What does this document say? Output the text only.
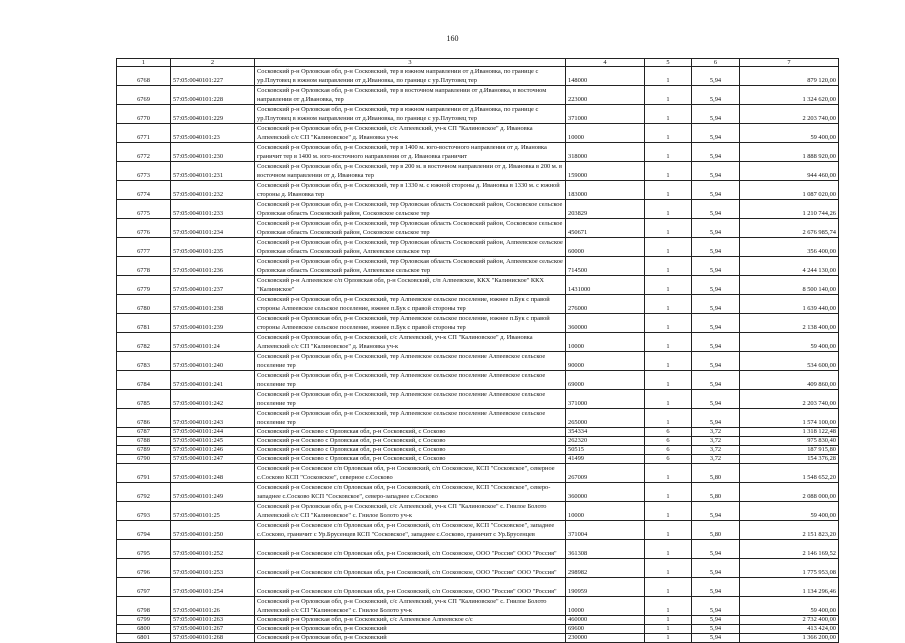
160
1	2	3	4	5	6	7
6768	57:05:0040101:227	Сосковский р-н Орловская обл, р-н Сосковский, тер в южном направлении от д.Ивановка, по границе с ур.Плутовец в южном направлении от д.Ивановка, по границе с ур.Плутовец тер	148000	1	5,94	879 120,00
6769	57:05:0040101:228	Сосковский р-н Орловская обл, р-н Сосковский, тер в восточном направлении от д.Ивановка, в восточном направлении от д.Ивановка, тер	223000	1	5,94	1 324 620,00
6770	57:05:0040101:229	Сосковский р-н Орловская обл, р-н Сосковский, тер в южном направлении от д.Ивановка, по границе с ур.Плутовец в южном направлении от д.Ивановка, по границе с ур.Плутовец тер	371000	1	5,94	2 203 740,00
6771	57:05:0040101:23	Сосковский р-н Орловская обл, р-н Сосковский, с/с Алпеевский, уч-к СП "Калиновское" д. Ивановка Алпеевский с/с СП "Калиновское" д. Ивановка уч-к	10000	1	5,94	59 400,00
6772	57:05:0040101:230	Сосковский р-н Орловская обл, р-н Сосковский, тер в 1400 м. юго-восточного направления от д. Ивановка граничит тер в 1400 м. юго-восточного направления от д. Ивановка граничит	318000	1	5,94	1 888 920,00
6773	57:05:0040101:231	Сосковский р-н Орловская обл, р-н Сосковский, тер в 200 м. в восточном направлении от д. Ивановка в 200 м. в восточном направлении от д. Ивановка тер	159000	1	5,94	944 460,00
6774	57:05:0040101:232	Сосковский р-н Орловская обл, р-н Сосковский, тер в 1330 м. с южной стороны д. Ивановка в 1330 м. с южной стороны д. Ивановка тер	183000	1	5,94	1 087 020,00
6775	57:05:0040101:233	Сосковский р-н Орловская обл, р-н Сосковский, тер Орловская область Сосковский район, Сосковское сельское Орловская область Сосковский район, Сосковское сельское тер	203829	1	5,94	1 210 744,26
6776	57:05:0040101:234	Сосковский р-н Орловская обл, р-н Сосковский, тер Орловская область Сосковский район, Сосковское сельское Орловская область Сосковский район, Сосковское сельское тер	450671	1	5,94	2 676 985,74
6777	57:05:0040101:235	Сосковский р-н Орловская обл, р-н Сосковский, тер Орловская область Сосковский район, Алпеевское сельское Орловская область Сосковский район, Алпеевское сельское тер	60000	1	5,94	356 400,00
6778	57:05:0040101:236	Сосковский р-н Орловская обл, р-н Сосковский, тер Орловская область Сосковский район, Алпеевское сельское Орловская область Сосковский район, Алпеевское сельское тер	714500	1	5,94	4 244 130,00
6779	57:05:0040101:237	Сосковский р-н Алпеевское с/п Орловская обл, р-н Сосковский, с/п Алпеевское, ККХ "Калиниское" ККХ "Калиниское"	1431000	1	5,94	8 500 140,00
6780	57:05:0040101:238	Сосковский р-н Орловская обл, р-н Сосковский, тер Алпеевское сельское поселение, южнее п.Бук с правой стороны Алпеевское сельское поселение, южнее п.Бук с правой стороны тер	276000	1	5,94	1 639 440,00
6781	57:05:0040101:239	Сосковский р-н Орловская обл, р-н Сосковский, тер Алпеевское сельское поселение, южнее п.Бук с правой стороны Алпеевское сельское поселение, южнее п.Бук с правой стороны тер	360000	1	5,94	2 138 400,00
6782	57:05:0040101:24	Сосковский р-н Орловская обл, р-н Сосковский, с/с Алпеевский, уч-к СП "Калиновское" д. Ивановка Алпеевский с/с СП "Калиновское" д. Ивановка уч-к	10000	1	5,94	59 400,00
6783	57:05:0040101:240	Сосковский р-н Орловская обл, р-н Сосковский, тер Алпеевское сельское поселение Алпеевское сельское поселение тер	90000	1	5,94	534 600,00
6784	57:05:0040101:241	Сосковский р-н Орловская обл, р-н Сосковский, тер Алпеевское сельское поселение Алпеевское сельское поселение тер	69000	1	5,94	409 860,00
6785	57:05:0040101:242	Сосковский р-н Орловская обл, р-н Сосковский, тер Алпеевское сельское поселение Алпеевское сельское поселение тер	371000	1	5,94	2 203 740,00
6786	57:05:0040101:243	Сосковский р-н Орловская обл, р-н Сосковский, тер Алпеевское сельское поселение Алпеевское сельское поселение тер	265000	1	5,94	1 574 100,00
6787	57:05:0040101:244	Сосковский р-н Сосково с Орловская обл, р-н Сосковский, с Сосково	354334	6	3,72	1 318 122,48
6788	57:05:0040101:245	Сосковский р-н Сосково с Орловская обл, р-н Сосковский, с Сосково	262320	6	3,72	975 830,40
6789	57:05:0040101:246	Сосковский р-н Сосково с Орловская обл, р-н Сосковский, с Сосково	50515	6	3,72	187 915,80
6790	57:05:0040101:247	Сосковский р-н Сосково с Орловская обл, р-н Сосковский, с Сосково	41499	6	3,72	154 376,28
6791	57:05:0040101:248	Сосковский р-н Сосковское с/п Орловская обл, р-н Сосковский, с/п Сосковское, КСП "Сосковское", северное с.Сосково КСП "Сосковское", северное с.Сосково	267009	1	5,80	1 548 652,20
6792	57:05:0040101:249	Сосковский р-н Сосковское с/п Орловская обл, р-н Сосковский, с/п Сосковское, КСП "Сосковское", северо-западнее с.Сосково КСП "Сосковское", северо-западнее с.Сосково	360000	1	5,80	2 088 000,00
6793	57:05:0040101:25	Сосковский р-н Орловская обл, р-н Сосковский, с/с Алпеевский, уч-к СП "Калиновское" с. Гнилое Болото Алпеевский с/с СП "Калиновское" с. Гнилое Болото уч-к	10000	1	5,94	59 400,00
6794	57:05:0040101:250	Сосковский р-н Сосковское с/п Орловская обл, р-н Сосковский, с/п Сосковское, КСП "Сосковское", западнее с.Сосково, граничит с Ур.Брусенцев КСП "Сосковское", западнее с.Сосково, граничит с Ур.Брусенцев	371004	1	5,80	2 151 823,20
6795	57:05:0040101:252	Сосковский р-н Сосковское с/п Орловская обл, р-н Сосковский, с/п Сосковское, ООО "Россия" ООО "Россия"	361308	1	5,94	2 146 169,52
6796	57:05:0040101:253	Сосковский р-н Сосковское с/п Орловская обл, р-н Сосковский, с/п Сосковское, ООО "Россия" ООО "Россия"	298982	1	5,94	1 775 953,08
6797	57:05:0040101:254	Сосковский р-н Сосковское с/п Орловская обл, р-н Сосковский, с/п Сосковское, ООО "Россия" ООО "Россия"	190959	1	5,94	1 134 296,46
6798	57:05:0040101:26	Сосковский р-н Орловская обл, р-н Сосковский, с/с Алпеевский, уч-к СП "Калиновское" с. Гнилое Болото Алпеевский с/с СП "Калиновское" с. Гнилое Болото уч-к	10000	1	5,94	59 400,00
6799	57:05:0040101:263	Сосковский р-н Орловская обл, р-н Сосковский, с/с Алпеевское Алпеевское с/с	460000	1	5,94	2 732 400,00
6800	57:05:0040101:267	Сосковский р-н Орловская обл, р-н Сосковский	69600	1	5,94	413 424,00
6801	57:05:0040101:268	Сосковский р-н Орловская обл, р-н Сосковский	230000	1	5,94	1 366 200,00
